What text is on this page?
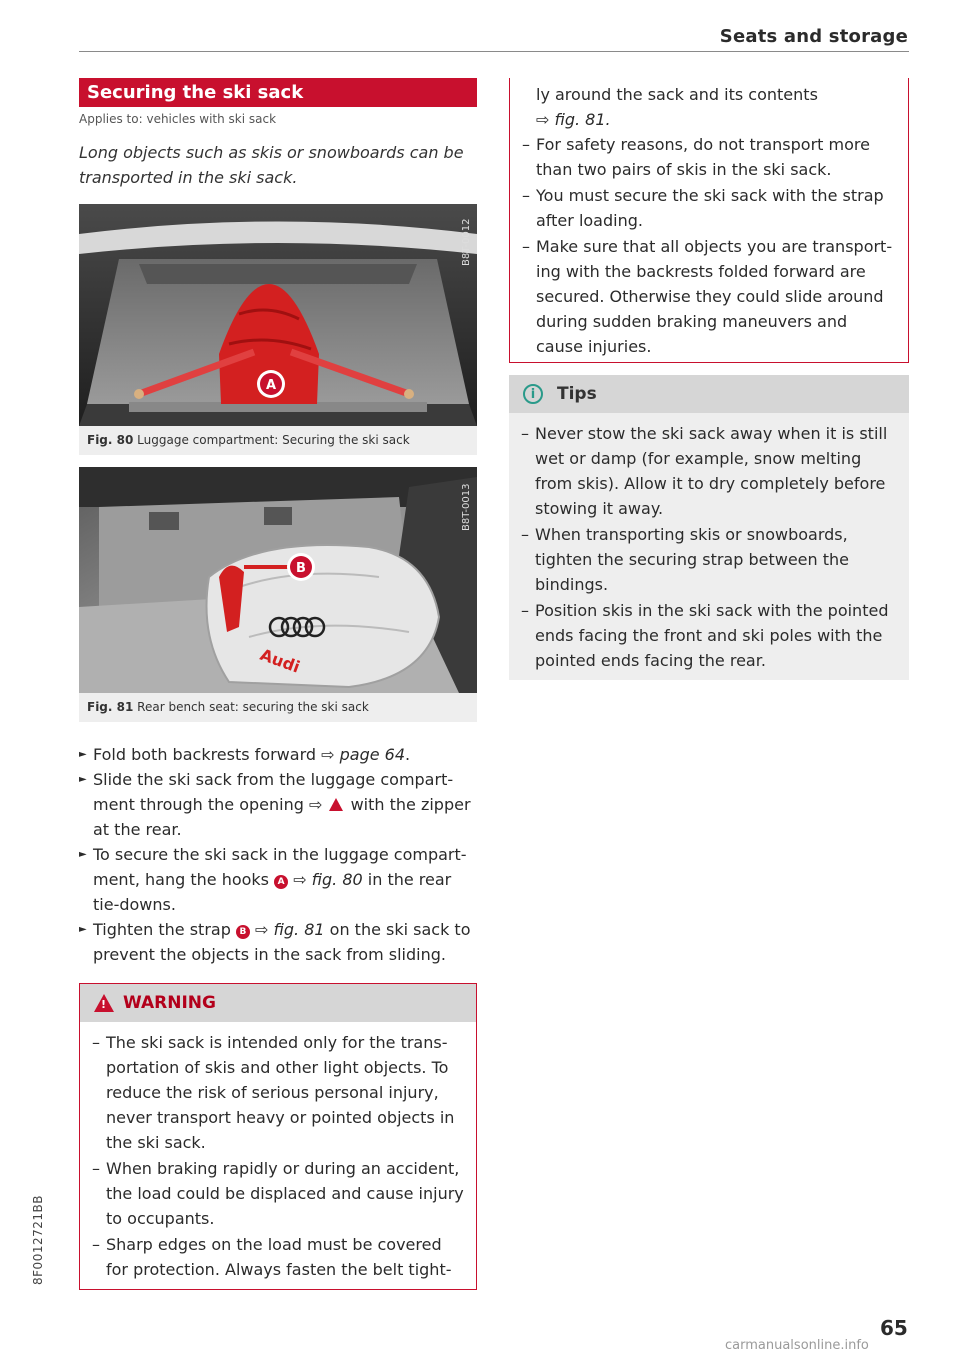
Seats and storage
Securing the ski sack
Applies to: vehicles with ski sack
Long objects such as skis or snowboards can be transported in the ski sack.
A
B8T-0012
Fig. 80 Luggage compartment: Securing the ski sack
B
Audi
B8T-0013
Fig. 81 Rear bench seat: securing the ski sack
► Fold both backrests forward ⇨ page 64.
► Slide the ski sack from the luggage compartment through the opening ⇨  with the zipper at the rear.
► To secure the ski sack in the luggage compartment, hang the hooks A ⇨ fig. 80 in the rear tie-downs.
► Tighten the strap B ⇨ fig. 81 on the ski sack to prevent the objects in the sack from sliding.
! WARNING
– The ski sack is intended only for the transportation of skis and other light objects. To reduce the risk of serious personal injury, never transport heavy or pointed objects in the ski sack.
– When braking rapidly or during an accident, the load could be displaced and cause injury to occupants.
– Sharp edges on the load must be covered for protection. Always fasten the belt tight-
ly around the sack and its contents
⇨ fig. 81.
– For safety reasons, do not transport more than two pairs of skis in the ski sack.
– You must secure the ski sack with the strap after loading.
– Make sure that all objects you are transporting with the backrests folded forward are secured. Otherwise they could slide around during sudden braking maneuvers and cause injuries.
i	Tips
– Never stow the ski sack away when it is still wet or damp (for example, snow melting from skis). Allow it to dry completely before stowing it away.
– When transporting skis or snowboards, tighten the securing strap between the bindings.
– Position skis in the ski sack with the pointed ends facing the front and ski poles with the pointed ends facing the rear.
8F0012721BB
65
carmanualsonline.info
